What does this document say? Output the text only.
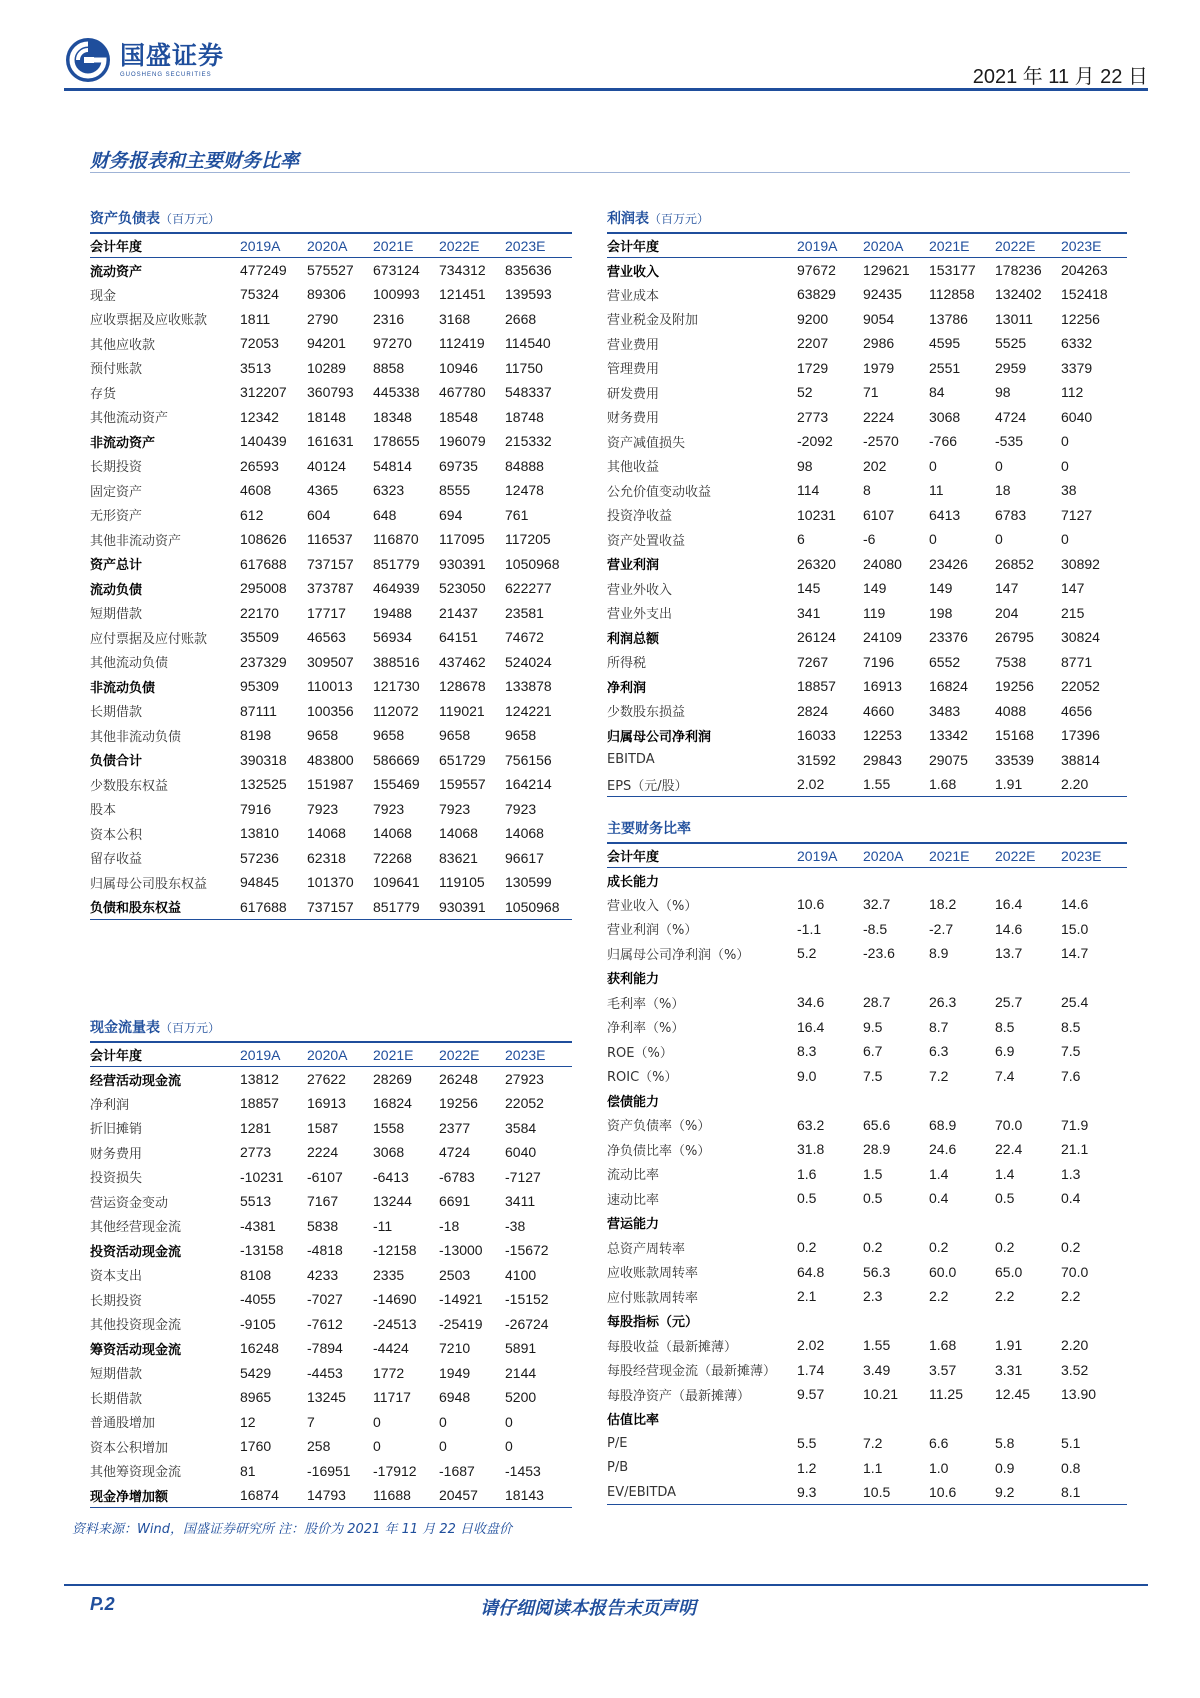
国盛证券
GUOSHENG SECURITIES	2021 年 11 月 22 日
财务报表和主要财务比率
资产负债表（百万元）
会计年度	2019A	2020A	2021E	2022E	2023E
流动资产	477249	575527	673124	734312	835636
现金	75324	89306	100993	121451	139593
应收票据及应收账款	1811	2790	2316	3168	2668
其他应收款	72053	94201	97270	112419	114540
预付账款	3513	10289	8858	10946	11750
存货	312207	360793	445338	467780	548337
其他流动资产	12342	18148	18348	18548	18748
非流动资产	140439	161631	178655	196079	215332
长期投资	26593	40124	54814	69735	84888
固定资产	4608	4365	6323	8555	12478
无形资产	612	604	648	694	761
其他非流动资产	108626	116537	116870	117095	117205
资产总计	617688	737157	851779	930391	1050968
流动负债	295008	373787	464939	523050	622277
短期借款	22170	17717	19488	21437	23581
应付票据及应付账款	35509	46563	56934	64151	74672
其他流动负债	237329	309507	388516	437462	524024
非流动负债	95309	110013	121730	128678	133878
长期借款	87111	100356	112072	119021	124221
其他非流动负债	8198	9658	9658	9658	9658
负债合计	390318	483800	586669	651729	756156
少数股东权益	132525	151987	155469	159557	164214
股本	7916	7923	7923	7923	7923
资本公积	13810	14068	14068	14068	14068
留存收益	57236	62318	72268	83621	96617
归属母公司股东权益	94845	101370	109641	119105	130599
负债和股东权益	617688	737157	851779	930391	1050968
现金流量表（百万元）
会计年度	2019A	2020A	2021E	2022E	2023E
经营活动现金流	13812	27622	28269	26248	27923
净利润	18857	16913	16824	19256	22052
折旧摊销	1281	1587	1558	2377	3584
财务费用	2773	2224	3068	4724	6040
投资损失	-10231	-6107	-6413	-6783	-7127
营运资金变动	5513	7167	13244	6691	3411
其他经营现金流	-4381	5838	-11	-18	-38
投资活动现金流	-13158	-4818	-12158	-13000	-15672
资本支出	8108	4233	2335	2503	4100
长期投资	-4055	-7027	-14690	-14921	-15152
其他投资现金流	-9105	-7612	-24513	-25419	-26724
筹资活动现金流	16248	-7894	-4424	7210	5891
短期借款	5429	-4453	1772	1949	2144
长期借款	8965	13245	11717	6948	5200
普通股增加	12	7	0	0	0
资本公积增加	1760	258	0	0	0
其他筹资现金流	81	-16951	-17912	-1687	-1453
现金净增加额	16874	14793	11688	20457	18143
利润表（百万元）
会计年度	2019A	2020A	2021E	2022E	2023E
营业收入	97672	129621	153177	178236	204263
营业成本	63829	92435	112858	132402	152418
营业税金及附加	9200	9054	13786	13011	12256
营业费用	2207	2986	4595	5525	6332
管理费用	1729	1979	2551	2959	3379
研发费用	52	71	84	98	112
财务费用	2773	2224	3068	4724	6040
资产减值损失	-2092	-2570	-766	-535	0
其他收益	98	202	0	0	0
公允价值变动收益	114	8	11	18	38
投资净收益	10231	6107	6413	6783	7127
资产处置收益	6	-6	0	0	0
营业利润	26320	24080	23426	26852	30892
营业外收入	145	149	149	147	147
营业外支出	341	119	198	204	215
利润总额	26124	24109	23376	26795	30824
所得税	7267	7196	6552	7538	8771
净利润	18857	16913	16824	19256	22052
少数股东损益	2824	4660	3483	4088	4656
归属母公司净利润	16033	12253	13342	15168	17396
EBITDA	31592	29843	29075	33539	38814
EPS（元/股）	2.02	1.55	1.68	1.91	2.20
主要财务比率
会计年度	2019A	2020A	2021E	2022E	2023E
成长能力					
营业收入（%）	10.6	32.7	18.2	16.4	14.6
营业利润（%）	-1.1	-8.5	-2.7	14.6	15.0
归属母公司净利润（%）	5.2	-23.6	8.9	13.7	14.7
获利能力					
毛利率（%）	34.6	28.7	26.3	25.7	25.4
净利率（%）	16.4	9.5	8.7	8.5	8.5
ROE（%）	8.3	6.7	6.3	6.9	7.5
ROIC（%）	9.0	7.5	7.2	7.4	7.6
偿债能力					
资产负债率（%）	63.2	65.6	68.9	70.0	71.9
净负债比率（%）	31.8	28.9	24.6	22.4	21.1
流动比率	1.6	1.5	1.4	1.4	1.3
速动比率	0.5	0.5	0.4	0.5	0.4
营运能力					
总资产周转率	0.2	0.2	0.2	0.2	0.2
应收账款周转率	64.8	56.3	60.0	65.0	70.0
应付账款周转率	2.1	2.3	2.2	2.2	2.2
每股指标（元）					
每股收益（最新摊薄）	2.02	1.55	1.68	1.91	2.20
每股经营现金流（最新摊薄）	1.74	3.49	3.57	3.31	3.52
每股净资产（最新摊薄）	9.57	10.21	11.25	12.45	13.90
估值比率					
P/E	5.5	7.2	6.6	5.8	5.1
P/B	1.2	1.1	1.0	0.9	0.8
EV/EBITDA	9.3	10.5	10.6	9.2	8.1
资料来源：Wind，国盛证券研究所 注：股价为 2021 年 11 月 22 日收盘价
P.2	请仔细阅读本报告末页声明
